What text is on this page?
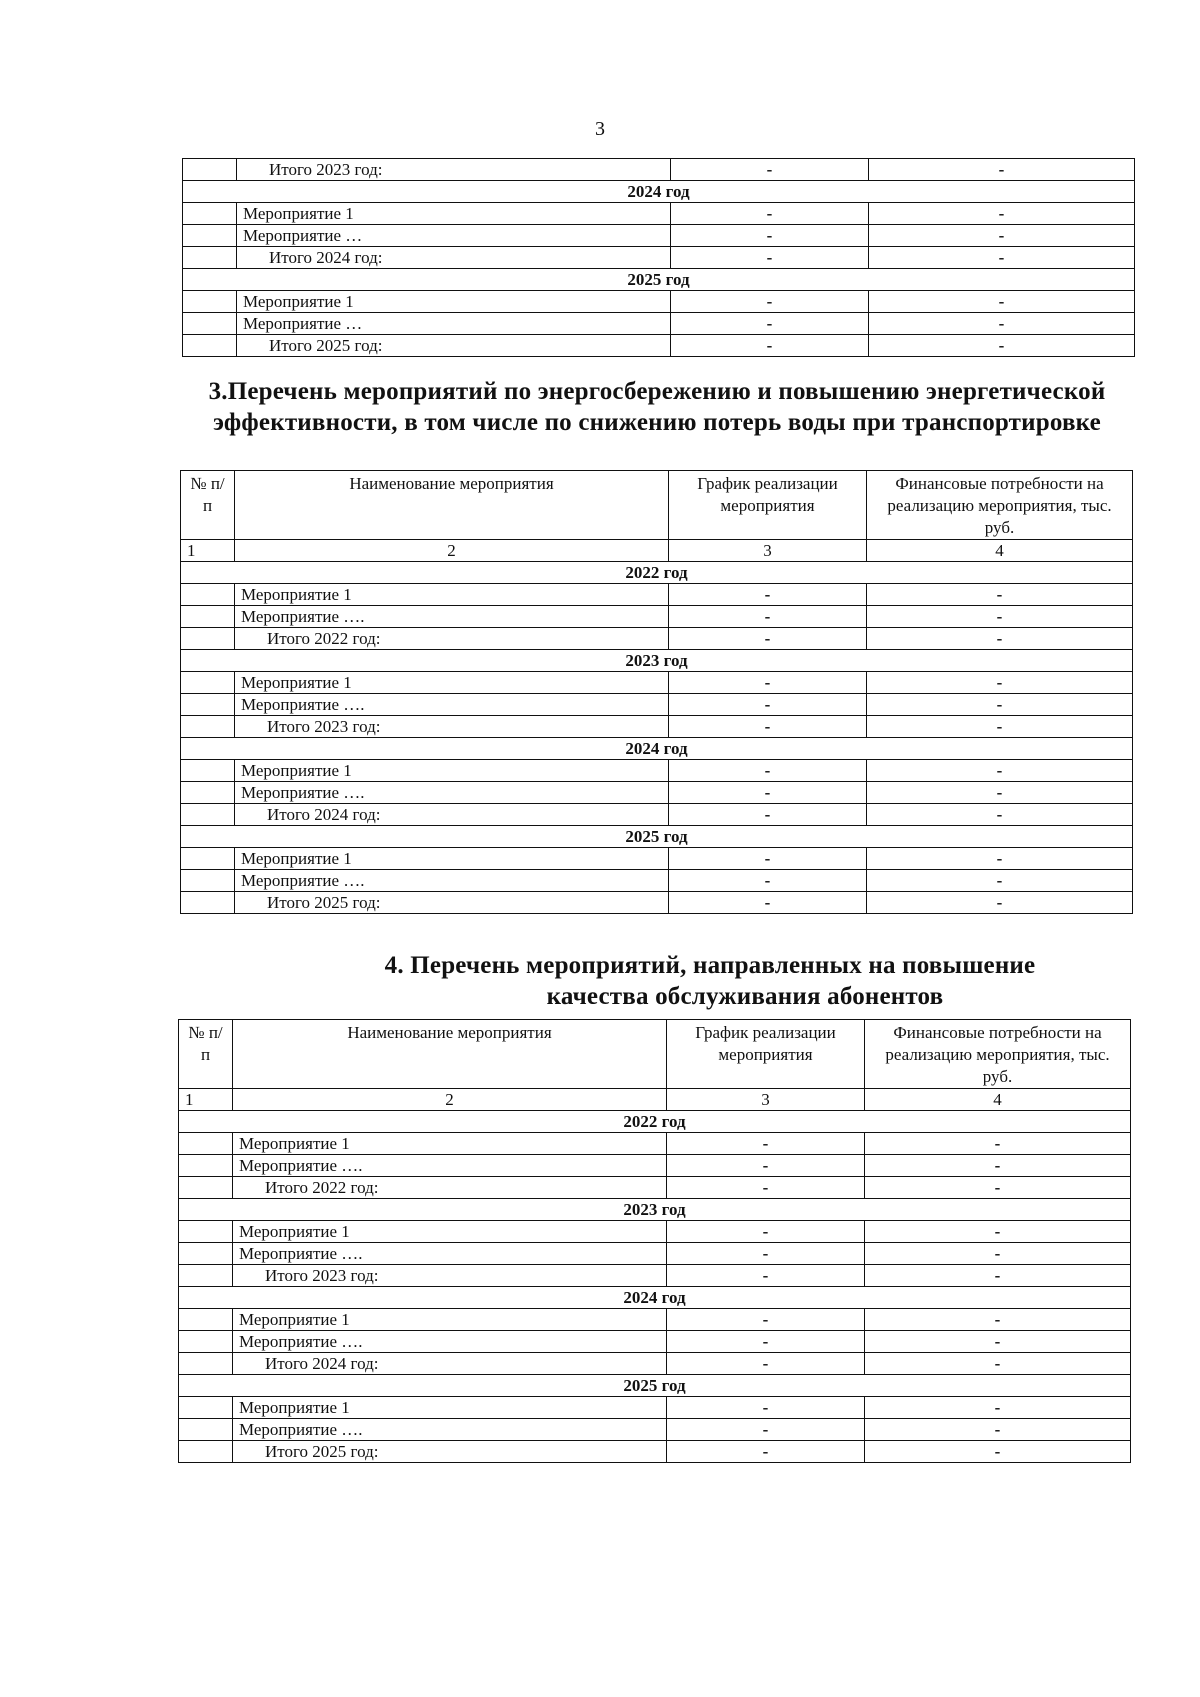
3
	Итого 2023 год:	-	-
2024 год			
	Мероприятие 1	-	-
	Мероприятие …	-	-
	Итого 2024 год:	-	-
2025 год			
	Мероприятие 1	-	-
	Мероприятие …	-	-
	Итого 2025 год:	-	-
3.Перечень мероприятий по энергосбережению и повышению энергетической эффективности, в том числе по снижению потерь воды при транспортировке
№ п/п	Наименование мероприятия	График реализации мероприятия	Финансовые потребности на реализацию мероприятия, тыс. руб.
1	2	3	4
2022 год			
	Мероприятие 1	-	-
	Мероприятие ….	-	-
	Итого 2022 год:	-	-
2023 год			
	Мероприятие 1	-	-
	Мероприятие ….	-	-
	Итого 2023 год:	-	-
2024 год			
	Мероприятие 1	-	-
	Мероприятие ….	-	-
	Итого 2024 год:	-	-
2025 год			
	Мероприятие 1	-	-
	Мероприятие ….	-	-
	Итого 2025 год:	-	-
4. Перечень мероприятий, направленных на повышение
качества обслуживания абонентов
№ п/п	Наименование мероприятия	График реализации мероприятия	Финансовые потребности на реализацию мероприятия, тыс. руб.
1	2	3	4
2022 год			
	Мероприятие 1	-	-
	Мероприятие ….	-	-
	Итого 2022 год:	-	-
2023 год			
	Мероприятие 1	-	-
	Мероприятие ….	-	-
	Итого 2023 год:	-	-
2024 год			
	Мероприятие 1	-	-
	Мероприятие ….	-	-
	Итого 2024 год:	-	-
2025 год			
	Мероприятие 1	-	-
	Мероприятие ….	-	-
	Итого 2025 год:	-	-
